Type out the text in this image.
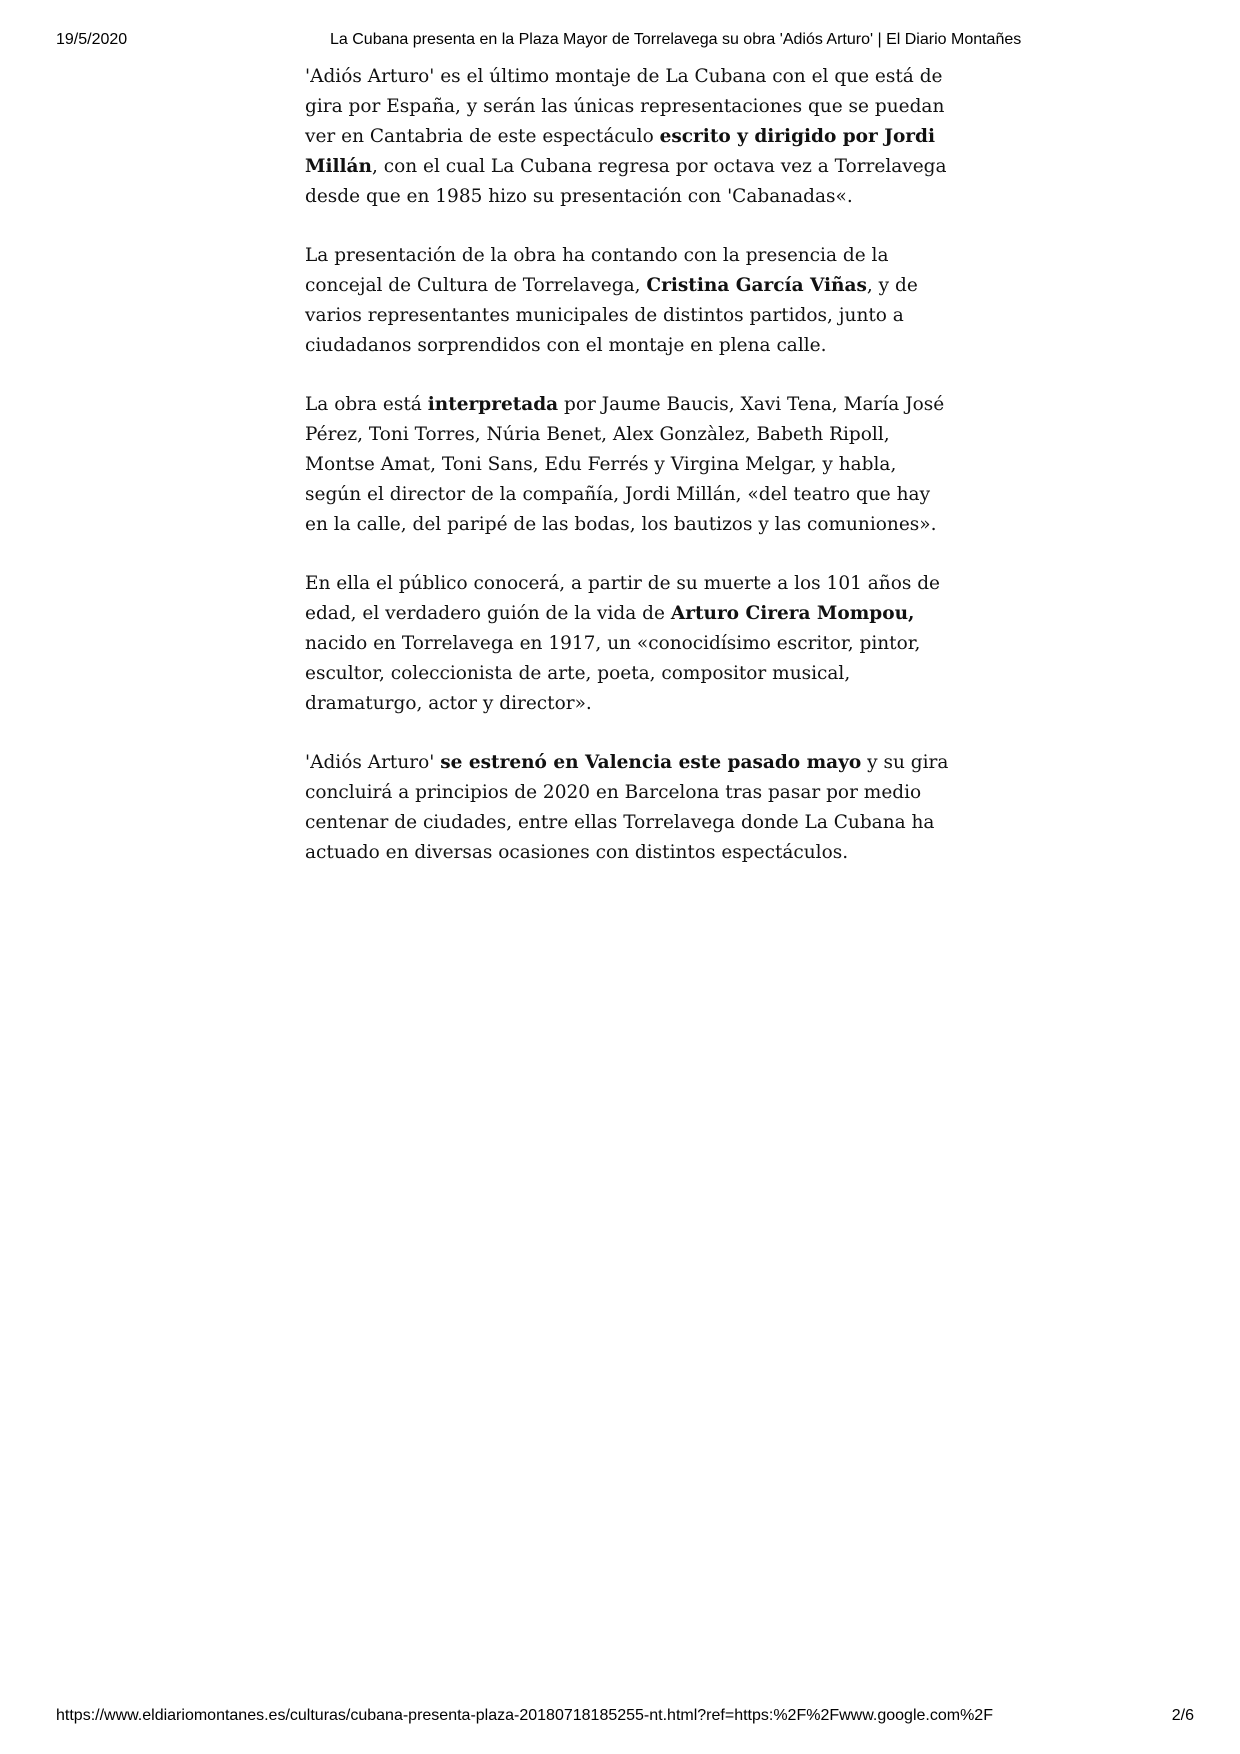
19/5/2020	La Cubana presenta en la Plaza Mayor de Torrelavega su obra 'Adiós Arturo' | El Diario Montañes

'Adiós Arturo' es el último montaje de La Cubana con el que está de gira por España, y serán las únicas representaciones que se puedan ver en Cantabria de este espectáculo escrito y dirigido por Jordi Millán, con el cual La Cubana regresa por octava vez a Torrelavega desde que en 1985 hizo su presentación con 'Cabanadas«.

La presentación de la obra ha contando con la presencia de la concejal de Cultura de Torrelavega, Cristina García Viñas, y de varios representantes municipales de distintos partidos, junto a ciudadanos sorprendidos con el montaje en plena calle.

La obra está interpretada por Jaume Baucis, Xavi Tena, María José Pérez, Toni Torres, Núria Benet, Alex Gonzàlez, Babeth Ripoll, Montse Amat, Toni Sans, Edu Ferrés y Virgina Melgar, y habla, según el director de la compañía, Jordi Millán, «del teatro que hay en la calle, del paripé de las bodas, los bautizos y las comuniones».

En ella el público conocerá, a partir de su muerte a los 101 años de edad, el verdadero guión de la vida de Arturo Cirera Mompou, nacido en Torrelavega en 1917, un «conocidísimo escritor, pintor, escultor, coleccionista de arte, poeta, compositor musical, dramaturgo, actor y director».

'Adiós Arturo' se estrenó en Valencia este pasado mayo y su gira concluirá a principios de 2020 en Barcelona tras pasar por medio centenar de ciudades, entre ellas Torrelavega donde La Cubana ha actuado en diversas ocasiones con distintos espectáculos.

https://www.eldiariomontanes.es/culturas/cubana-presenta-plaza-20180718185255-nt.html?ref=https:%2F%2Fwww.google.com%2F	2/6
